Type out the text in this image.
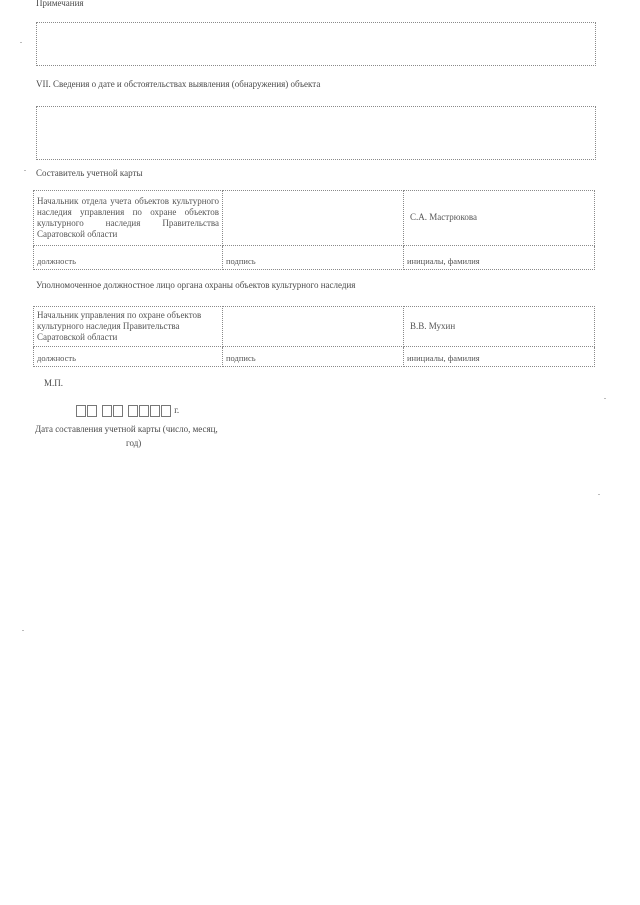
Примечания
VII. Сведения о дате и обстоятельствах выявления (обнаружения) объекта
Составитель учетной карты
Начальник отдела учета объектов культурного наследия управления по охране объектов культурного наследия Правительства Саратовской области		С.А. Мастрюкова
должность	подпись	инициалы, фамилия
Уполномоченное должностное лицо органа охраны объектов культурного наследия
Начальник управления по охране объектов культурного наследия Правительства Саратовской области		В.В. Мухин
должность	подпись	инициалы, фамилия
М.П.
г.
Дата составления учетной карты (число, месяц,
год)
